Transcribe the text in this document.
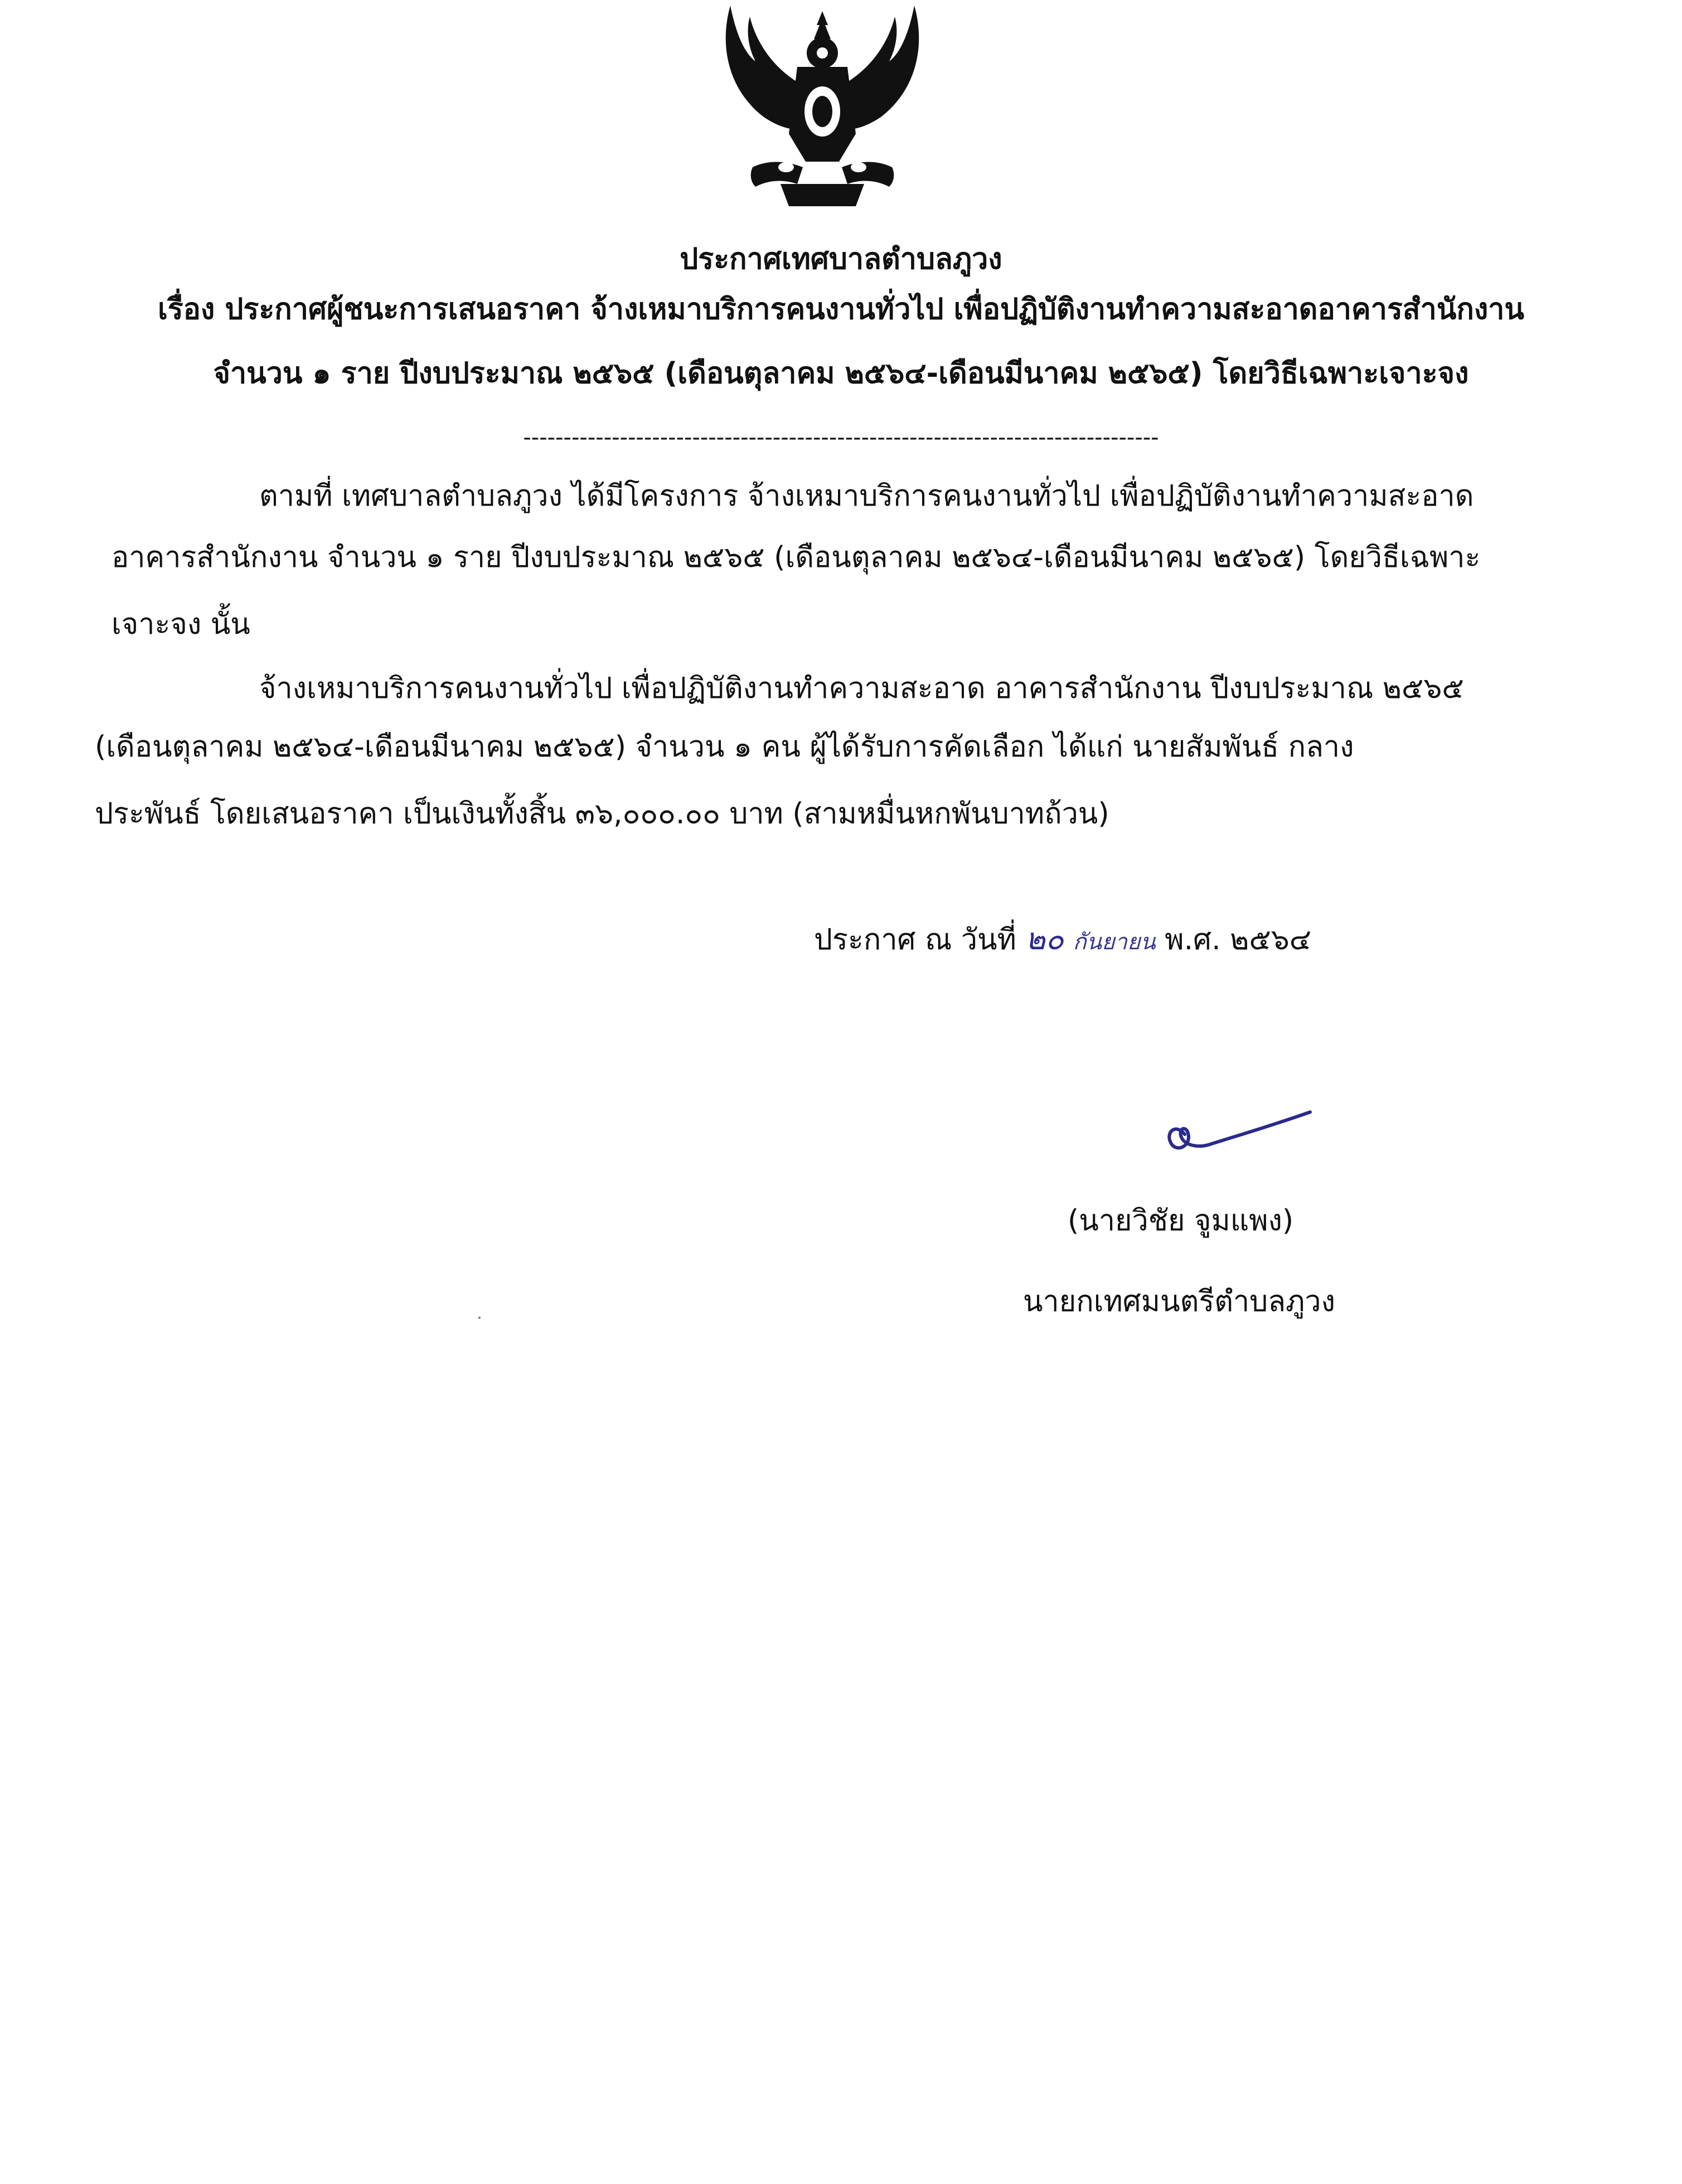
ประกาศเทศบาลตำบลภูวง
เรื่อง ประกาศผู้ชนะการเสนอราคา จ้างเหมาบริการคนงานทั่วไป เพื่อปฏิบัติงานทำความสะอาดอาคารสำนักงาน
จำนวน ๑ ราย ปีงบประมาณ ๒๕๖๕ (เดือนตุลาคม ๒๕๖๔-เดือนมีนาคม ๒๕๖๕) โดยวิธีเฉพาะเจาะจง
-------------------------------------------------------------------------------
ตามที่ เทศบาลตำบลภูวง ได้มีโครงการ จ้างเหมาบริการคนงานทั่วไป เพื่อปฏิบัติงานทำความสะอาด
อาคารสำนักงาน จำนวน ๑ ราย ปีงบประมาณ ๒๕๖๕ (เดือนตุลาคม ๒๕๖๔-เดือนมีนาคม ๒๕๖๕) โดยวิธีเฉพาะ
เจาะจง นั้น
จ้างเหมาบริการคนงานทั่วไป เพื่อปฏิบัติงานทำความสะอาด อาคารสำนักงาน ปีงบประมาณ ๒๕๖๕
(เดือนตุลาคม ๒๕๖๔-เดือนมีนาคม ๒๕๖๕) จำนวน ๑ คน ผู้ได้รับการคัดเลือก ได้แก่ นายสัมพันธ์ กลาง
ประพันธ์ โดยเสนอราคา เป็นเงินทั้งสิ้น ๓๖,๐๐๐.๐๐ บาท (สามหมื่นหกพันบาทถ้วน)
ประกาศ ณ วันที่ ๒๐ กันยายน พ.ศ. ๒๕๖๔
(นายวิชัย จูมแพง)
นายกเทศมนตรีตำบลภูวง
